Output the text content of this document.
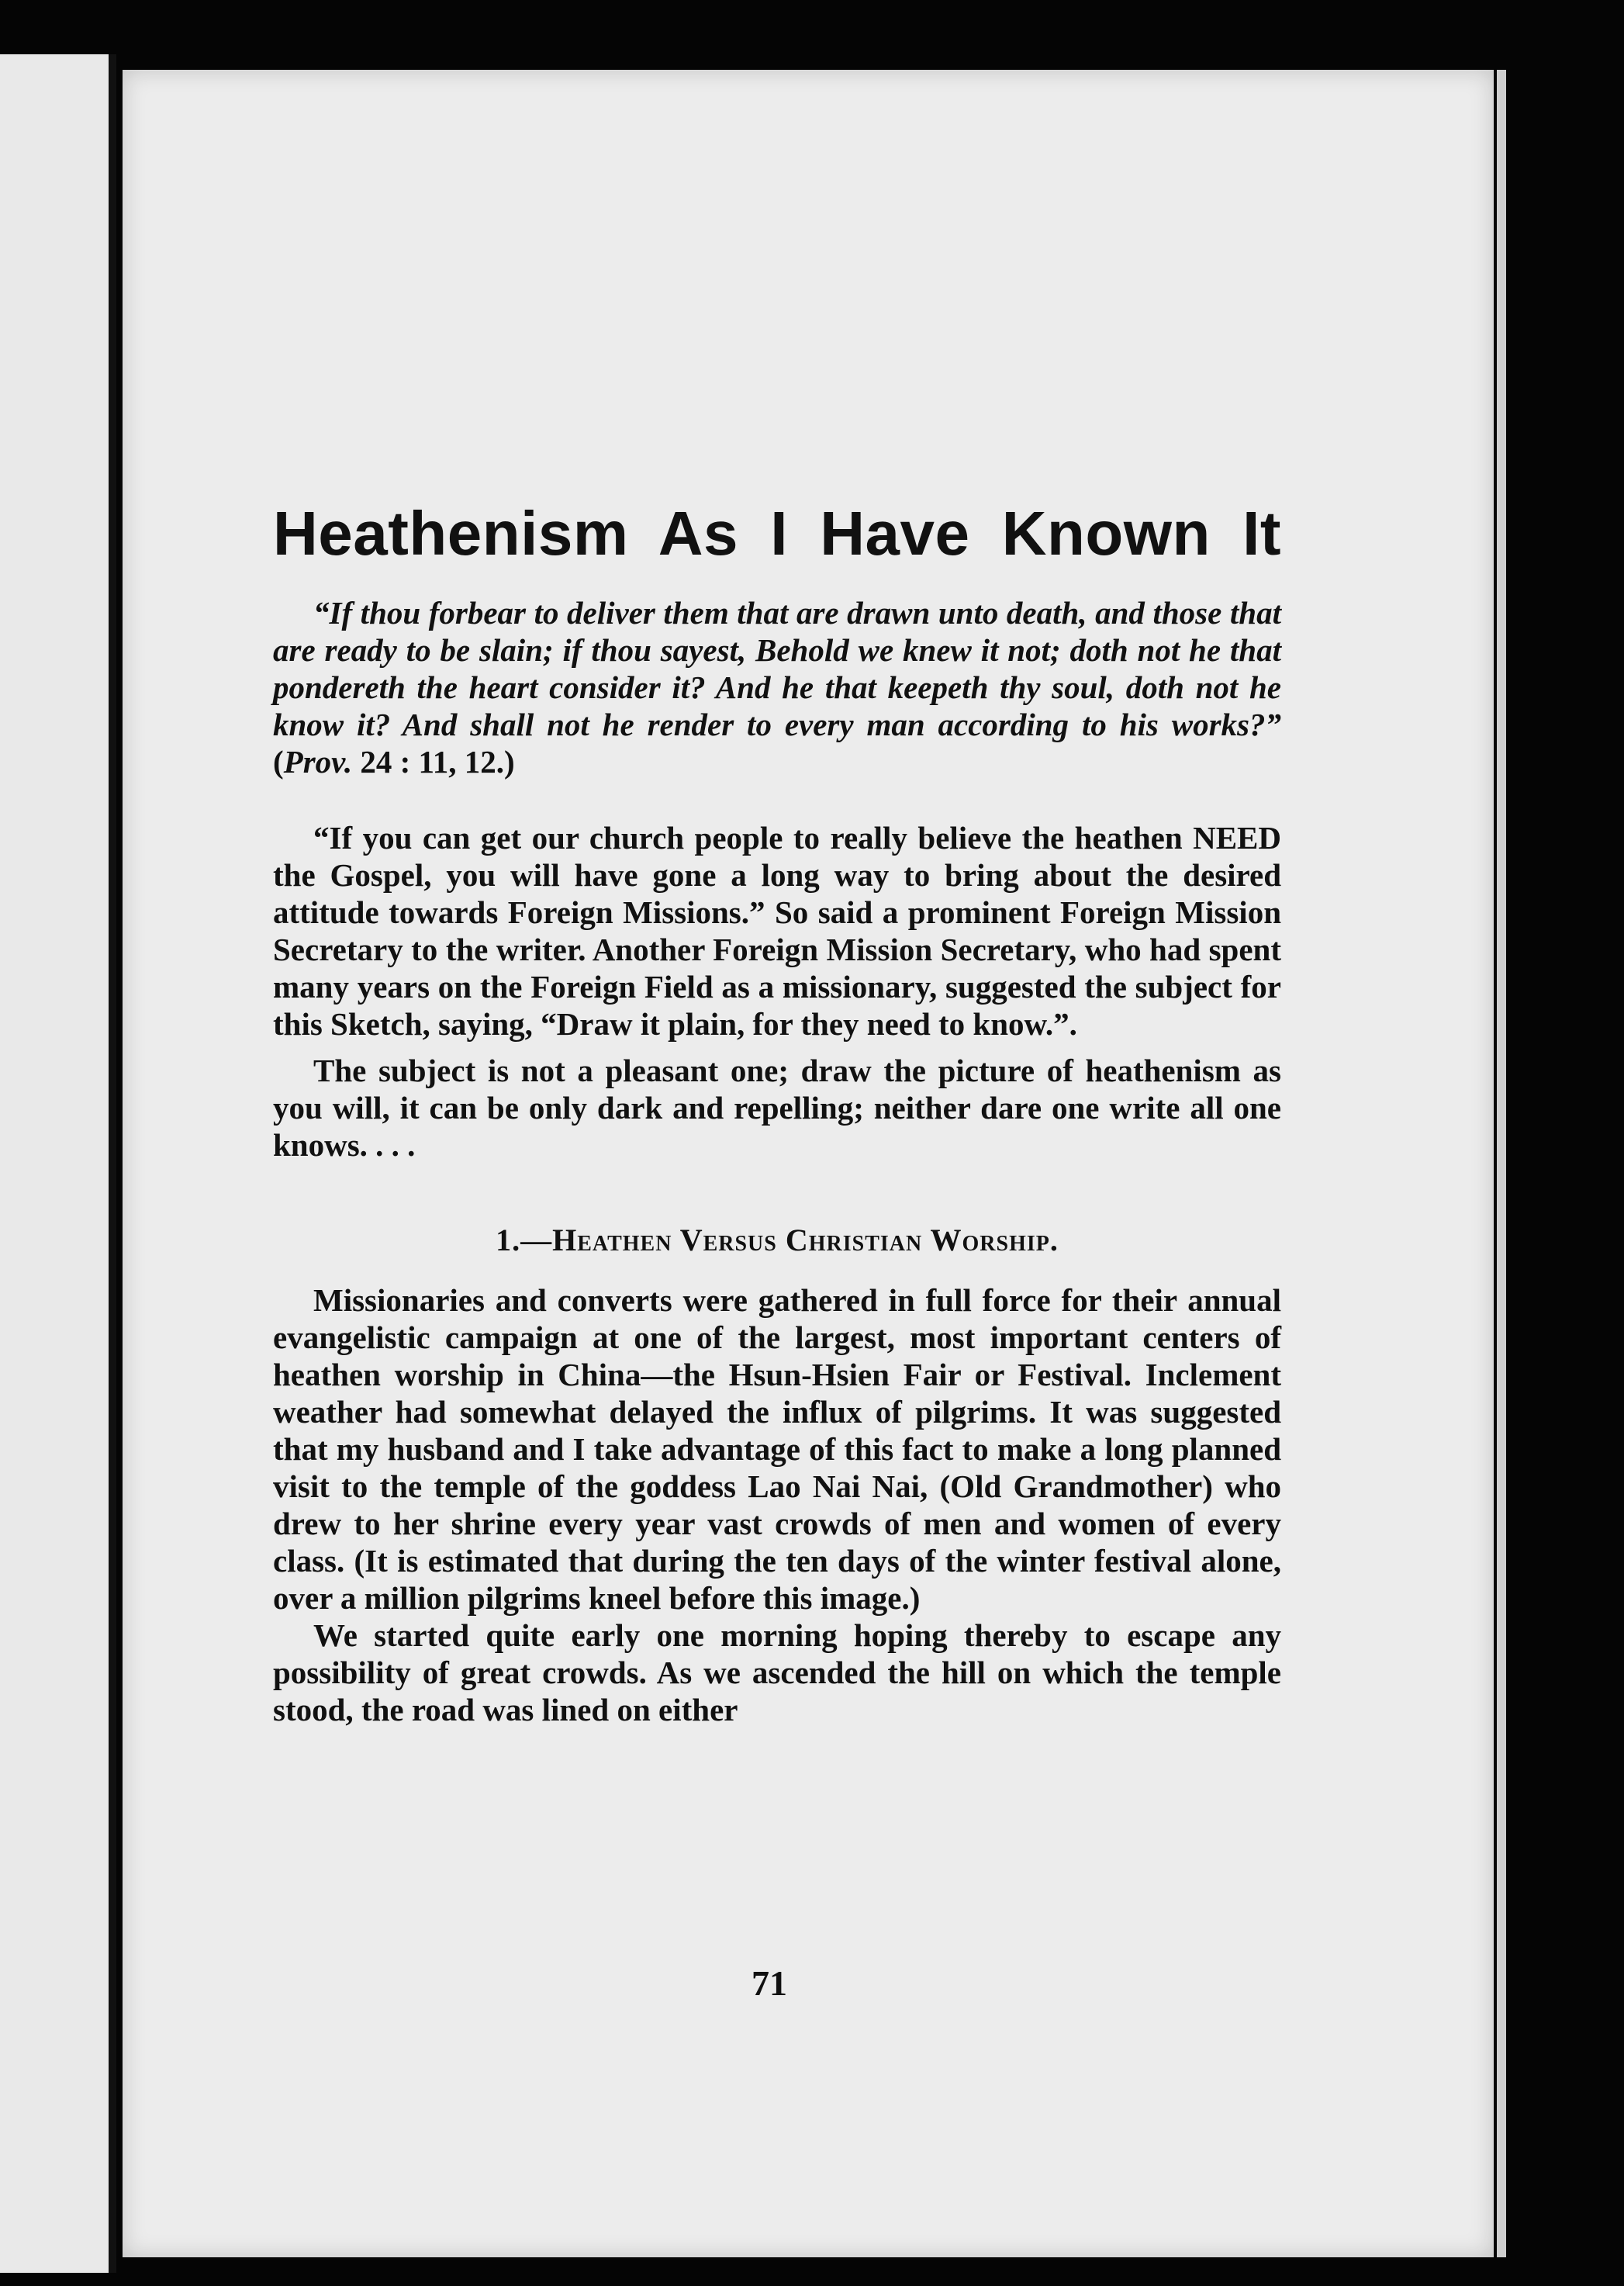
Heathenism As I Have Known It

“If thou forbear to deliver them that are drawn unto death, and those that are ready to be slain; if thou sayest, Behold we knew it not; doth not he that pondereth the heart consider it? And he that keepeth thy soul, doth not he know it? And shall not he render to every man according to his works?” (Prov. 24 : 11, 12.)

“If you can get our church people to really believe the heathen NEED the Gospel, you will have gone a long way to bring about the desired attitude towards Foreign Missions.” So said a prominent Foreign Mission Secretary to the writer. Another Foreign Mission Secretary, who had spent many years on the Foreign Field as a missionary, suggested the subject for this Sketch, saying, “Draw it plain, for they need to know.”.

The subject is not a pleasant one; draw the picture of heathenism as you will, it can be only dark and repelling; neither dare one write all one knows. . . .

1.—Heathen Versus Christian Worship.

Missionaries and converts were gathered in full force for their annual evangelistic campaign at one of the largest, most important centers of heathen worship in China—the Hsun-Hsien Fair or Festival. Inclement weather had somewhat delayed the influx of pilgrims. It was suggested that my husband and I take advantage of this fact to make a long planned visit to the temple of the goddess Lao Nai Nai, (Old Grandmother) who drew to her shrine every year vast crowds of men and women of every class. (It is estimated that during the ten days of the winter festival alone, over a million pilgrims kneel before this image.)

We started quite early one morning hoping thereby to escape any possibility of great crowds. As we ascended the hill on which the temple stood, the road was lined on either

71
